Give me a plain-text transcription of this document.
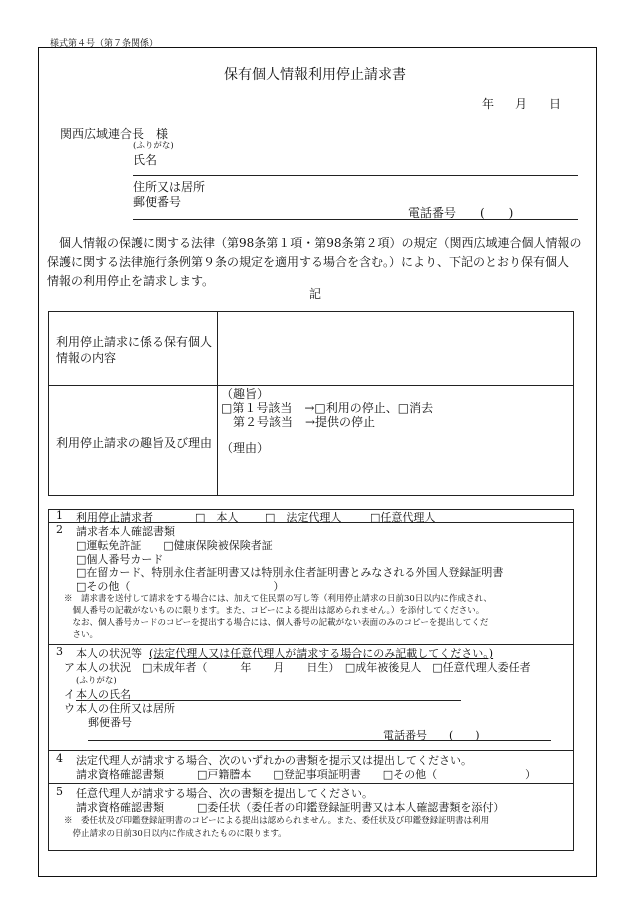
様式第４号（第７条関係）
保有個人情報利用停止請求書
年 月 日
関西広域連合長　様
(ふりがな)
氏名
住所又は居所
郵便番号
電話番号　　(　　)
　個人情報の保護に関する法律（第98条第１項・第98条第２項）の規定（関西広域連合個人情報の
保護に関する法律施行条例第９条の規定を適用する場合を含む。）により、下記のとおり保有個人
情報の利用停止を請求します。
記
利用停止請求に係る保有個人
情報の内容
利用停止請求の趣旨及び理由
（趣旨）
□第１号該当　→□利用の停止、□消去
　第２号該当　→提供の停止
（理由）
1 利用停止請求者	□　本人 □　法定代理人	□任意代理人
2 請求者本人確認書類
□運転免許証　　□健康保険被保険者証
□個人番号カード
□在留カード、特別永住者証明書又は特別永住者証明書とみなされる外国人登録証明書
□その他（　　　　　　　　　　　　　）
※　請求書を送付して請求をする場合には、加えて住民票の写し等（利用停止請求の日前30日以内に作成され、
　個人番号の記載がないものに限ります。また、コピーによる提出は認められません。）を添付してください。
　なお、個人番号カードのコピーを提出する場合には、個人番号の記載がない表面のみのコピーを提出してくだ
　さい。
3 本人の状況等 (法定代理人又は任意代理人が請求する場合にのみ記載してください。)
ア 本人の状況　□未成年者（　　　年　　月　　日生）　□成年被後見人　□任意代理人委任者
(ふりがな)
イ 本人の氏名
ウ 本人の住所又は居所
郵便番号
電話番号　　(　　)
4 法定代理人が請求する場合、次のいずれかの書類を提示又は提出してください。
請求資格確認書類　　　□戸籍謄本　　□登記事項証明書　　□その他（　　　　　　　　）
5 任意代理人が請求する場合、次の書類を提出してください。
請求資格確認書類　　　□委任状（委任者の印鑑登録証明書又は本人確認書類を添付）
※　委任状及び印鑑登録証明書のコピーによる提出は認められません。また、委任状及び印鑑登録証明書は利用
　停止請求の日前30日以内に作成されたものに限ります。
